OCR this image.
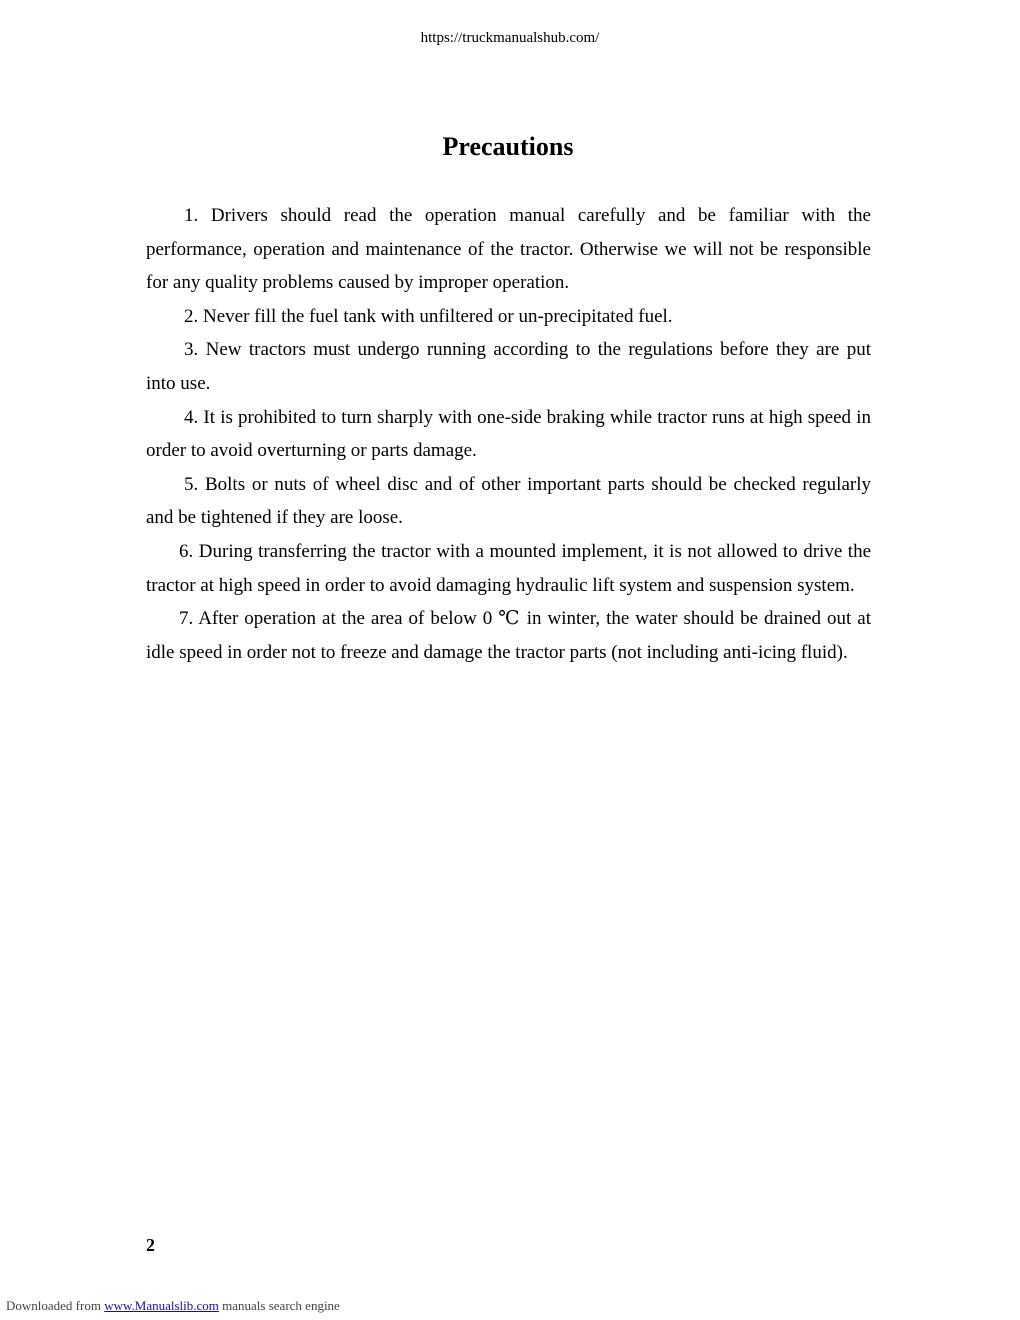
https://truckmanualshub.com/
Precautions

1. Drivers should read the operation manual carefully and be familiar with the performance, operation and maintenance of the tractor. Otherwise we will not be responsible for any quality problems caused by improper operation.

2. Never fill the fuel tank with unfiltered or un-precipitated fuel.

3. New tractors must undergo running according to the regulations before they are put into use.

4. It is prohibited to turn sharply with one-side braking while tractor runs at high speed in order to avoid overturning or parts damage.

5. Bolts or nuts of wheel disc and of other important parts should be checked regularly and be tightened if they are loose.

6. During transferring the tractor with a mounted implement, it is not allowed to drive the tractor at high speed in order to avoid damaging hydraulic lift system and suspension system.

7. After operation at the area of below 0 ℃ in winter, the water should be drained out at idle speed in order not to freeze and damage the tractor parts (not including anti-icing fluid).

2
Downloaded from www.Manualslib.com manuals search engine
